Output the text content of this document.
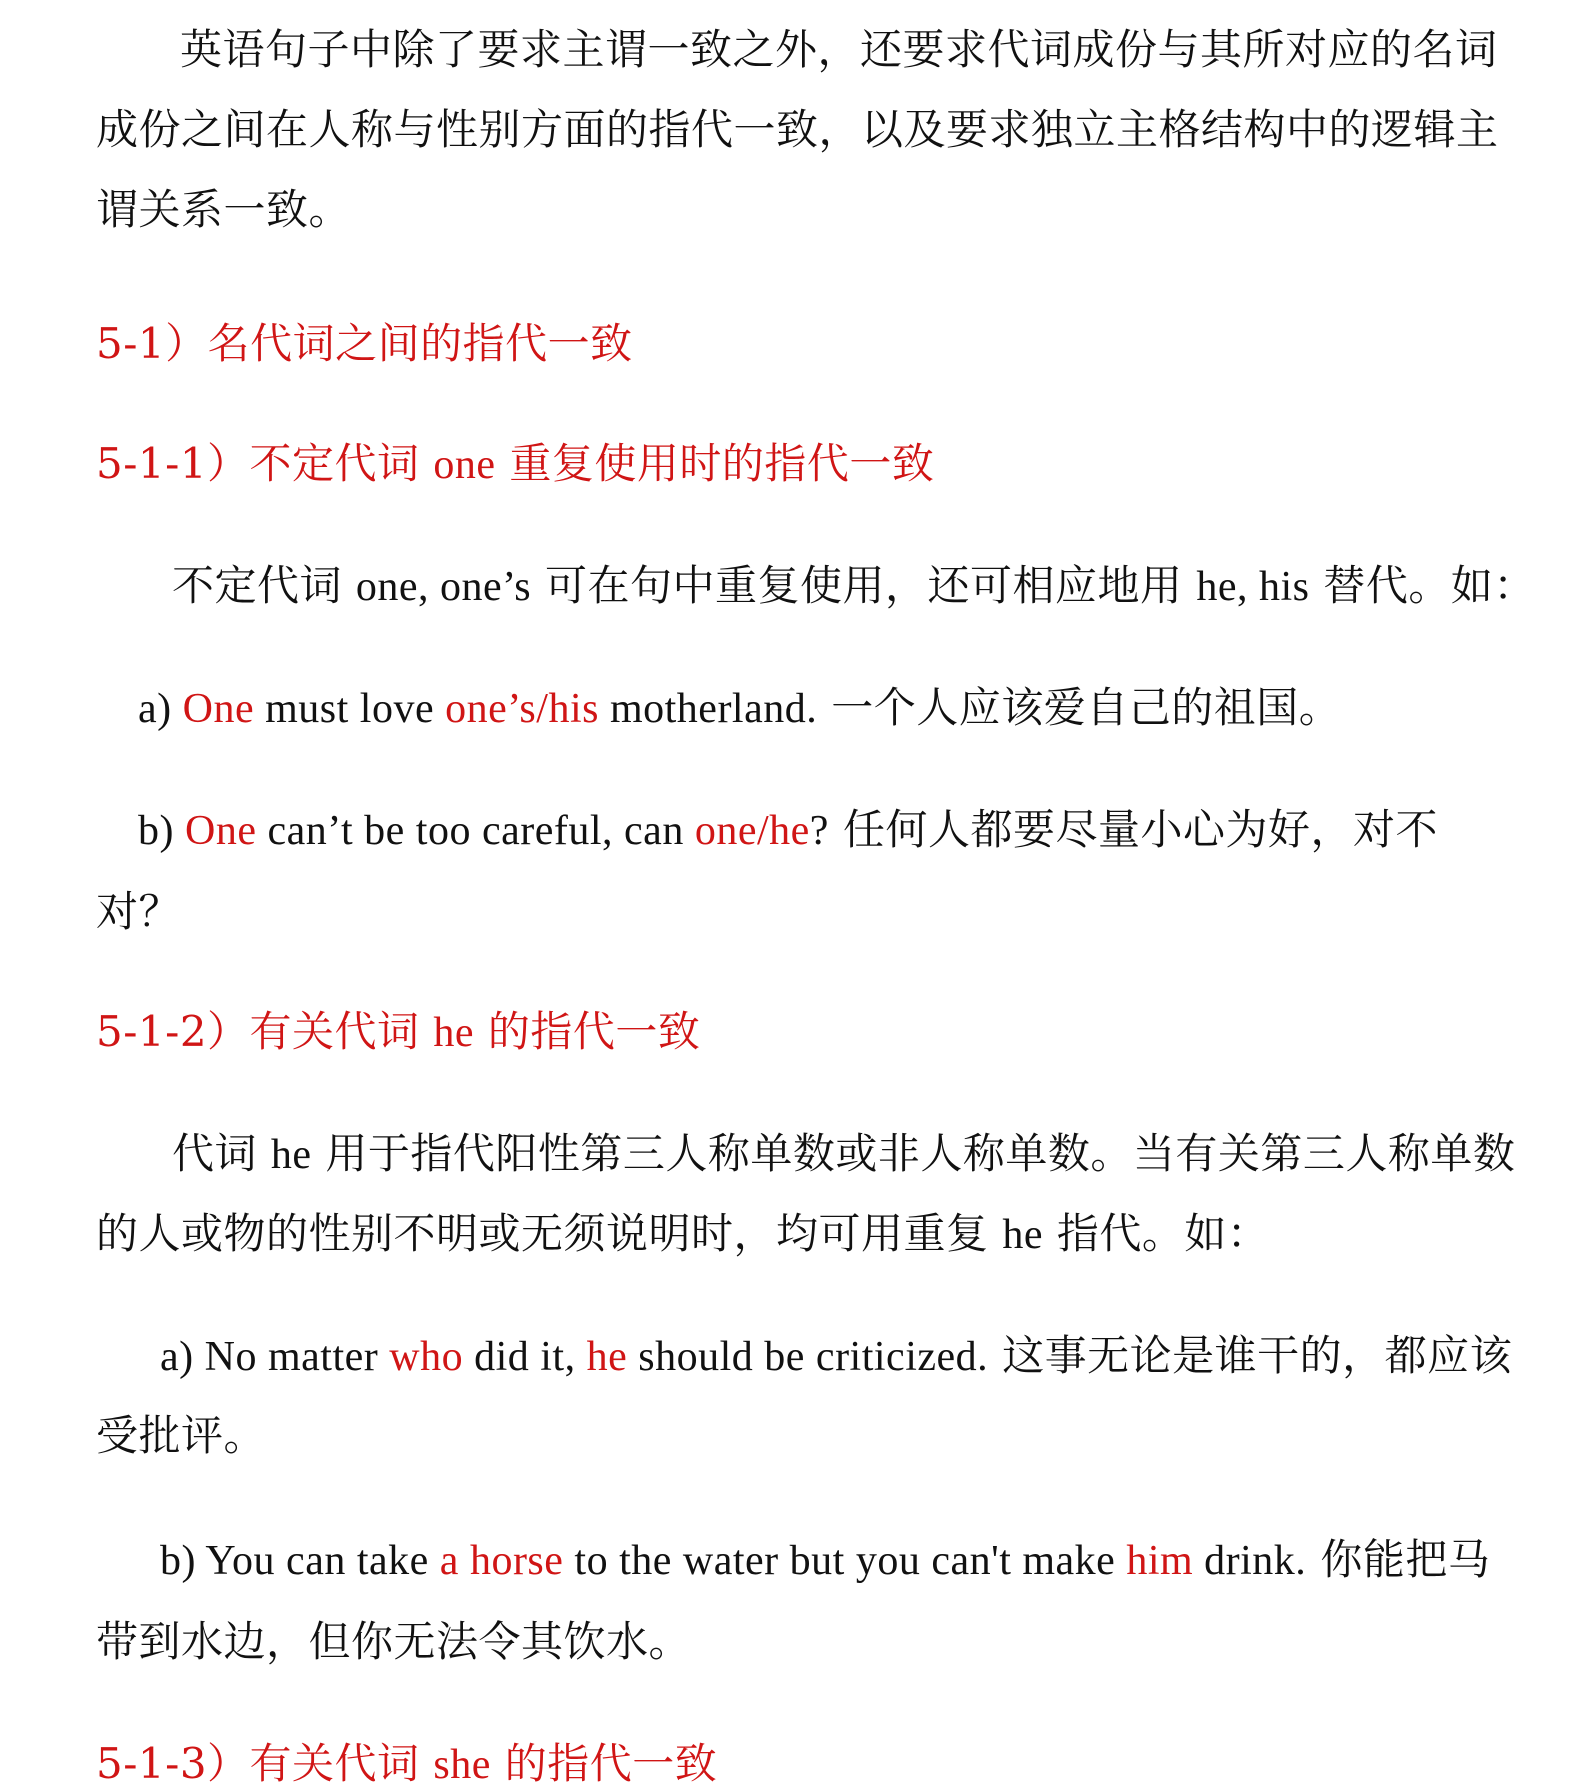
英语句子中除了要求主谓一致之外，还要求代词成份与其所对应的名词
成份之间在人称与性别方面的指代一致，以及要求独立主格结构中的逻辑主
谓关系一致。
5-1）名代词之间的指代一致
5-1-1）不定代词 one 重复使用时的指代一致
不定代词 one, one’s 可在句中重复使用，还可相应地用 he, his 替代。如：
a) One must love one’s/his motherland. 一个人应该爱自己的祖国。
b) One can’t be too careful, can one/he? 任何人都要尽量小心为好，对不
对？
5-1-2）有关代词 he 的指代一致
代词 he 用于指代阳性第三人称单数或非人称单数。当有关第三人称单数
的人或物的性别不明或无须说明时，均可用重复 he 指代。如：
a) No matter who did it, he should be criticized. 这事无论是谁干的，都应该
受批评。
b) You can take a horse to the water but you can't make him drink. 你能把马
带到水边，但你无法令其饮水。
5-1-3）有关代词 she 的指代一致
